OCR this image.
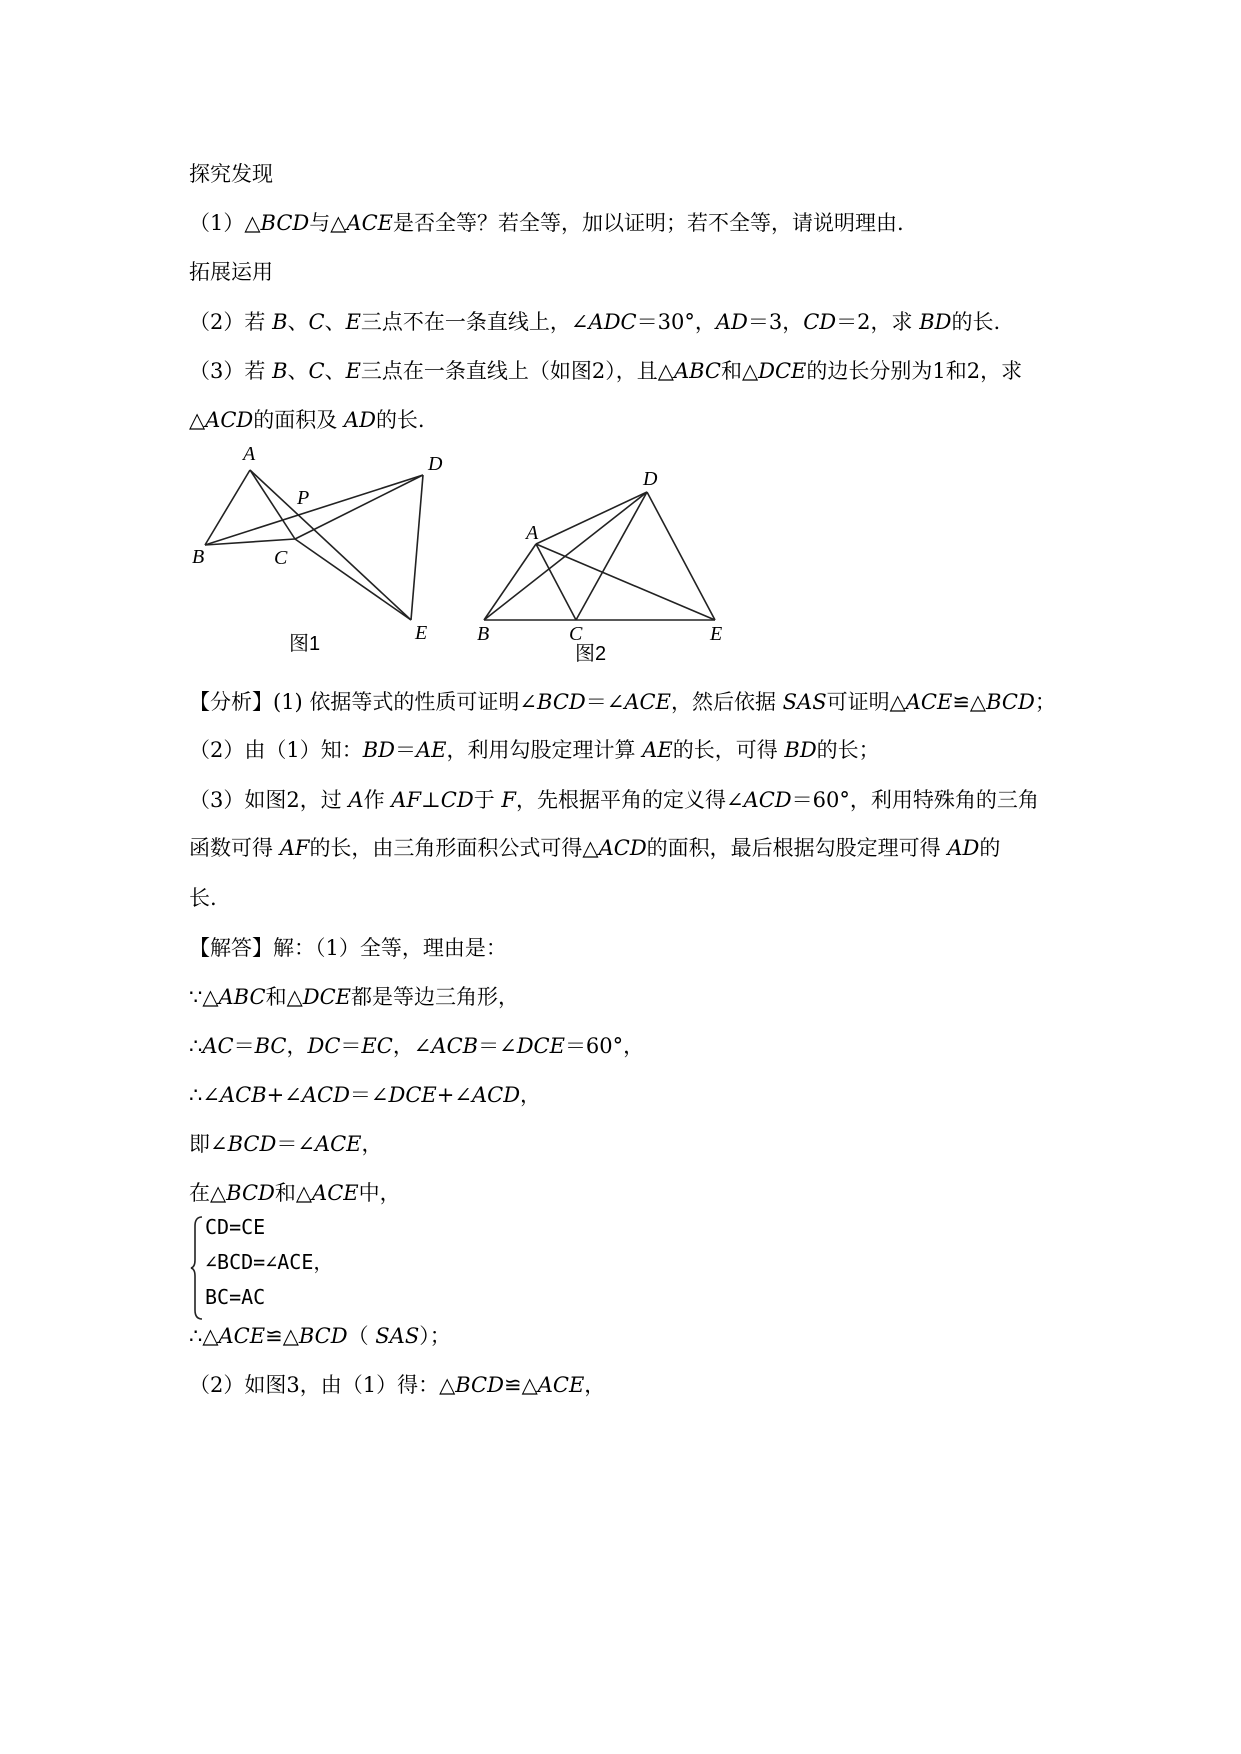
探究发现
（1）△BCD与△ACE是否全等？若全等，加以证明；若不全等，请说明理由.
拓展运用
（2）若 B、C、E三点不在一条直线上，∠ADC＝30°，AD＝3，CD＝2，求 BD的长.
（3）若 B、C、E三点在一条直线上（如图2），且△ABC和△DCE的边长分别为1和2，求
△ACD的面积及 AD的长.
A
B	C
D
E
P
图1
A
B	C
D
E
图2
【分析】(1) 依据等式的性质可证明∠BCD＝∠ACE，然后依据 SAS可证明△ACE≌△BCD；
（2）由（1）知：BD＝AE，利用勾股定理计算 AE的长，可得 BD的长；
（3）如图2，过 A作 AF⊥CD于 F，先根据平角的定义得∠ACD＝60°，利用特殊角的三角
函数可得 AF的长，由三角形面积公式可得△ACD的面积，最后根据勾股定理可得 AD的
长.
【解答】解：（1）全等，理由是：
∵△ABC和△DCE都是等边三角形，
∴AC＝BC，DC＝EC，∠ACB＝∠DCE＝60°，
∴∠ACB+∠ACD＝∠DCE+∠ACD，
即∠BCD＝∠ACE，
在△BCD和△ACE中，
CD=CE
∠BCD=∠ACE，
BC=AC
∴△ACE≌△BCD（ SAS）；
（2）如图3，由（1）得：△BCD≌△ACE，
